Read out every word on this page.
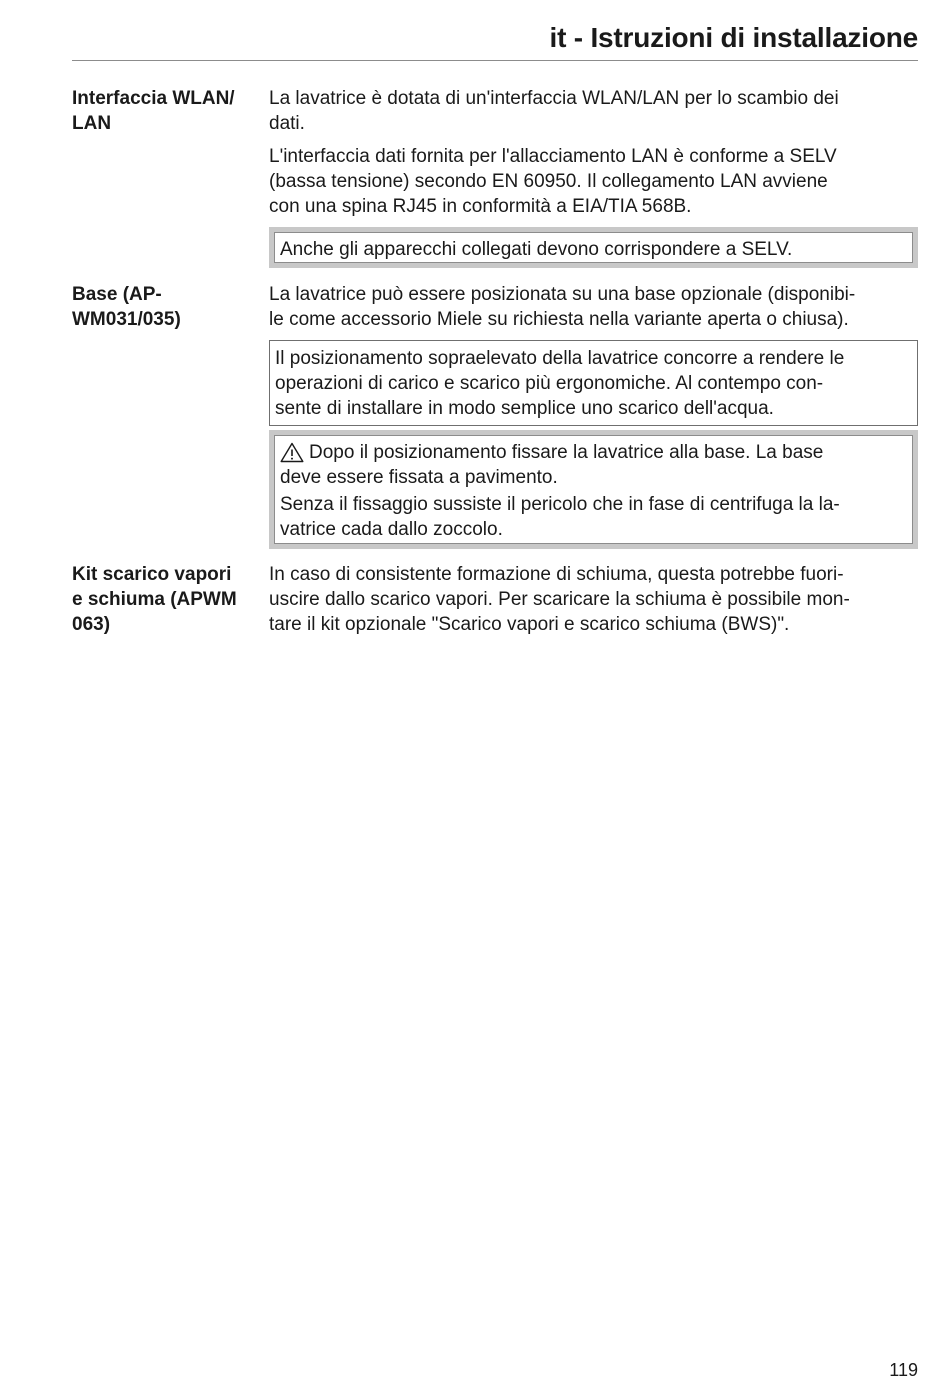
it - Istruzioni di installazione
Interfaccia WLAN/
LAN
La lavatrice è dotata di un'interfaccia WLAN/LAN per lo scambio dei
dati.
L'interfaccia dati fornita per l'allacciamento LAN è conforme a SELV
(bassa tensione) secondo EN 60950. Il collegamento LAN avviene
con una spina RJ45 in conformità a EIA/TIA 568B.
Anche gli apparecchi collegati devono corrispondere a SELV.
Base (AP-
WM031/035)
La lavatrice può essere posizionata su una base opzionale (disponibi-
le come accessorio Miele su richiesta nella variante aperta o chiusa).
Il posizionamento sopraelevato della lavatrice concorre a rendere le
operazioni di carico e scarico più ergonomiche. Al contempo con-
sente di installare in modo semplice uno scarico dell'acqua.
Dopo il posizionamento fissare la lavatrice alla base. La base
deve essere fissata a pavimento.
Senza il fissaggio sussiste il pericolo che in fase di centrifuga la la-
vatrice cada dallo zoccolo.
Kit scarico vapori
e schiuma (APWM
063)
In caso di consistente formazione di schiuma, questa potrebbe fuori-
uscire dallo scarico vapori. Per scaricare la schiuma è possibile mon-
tare il kit opzionale "Scarico vapori e scarico schiuma (BWS)".
119
